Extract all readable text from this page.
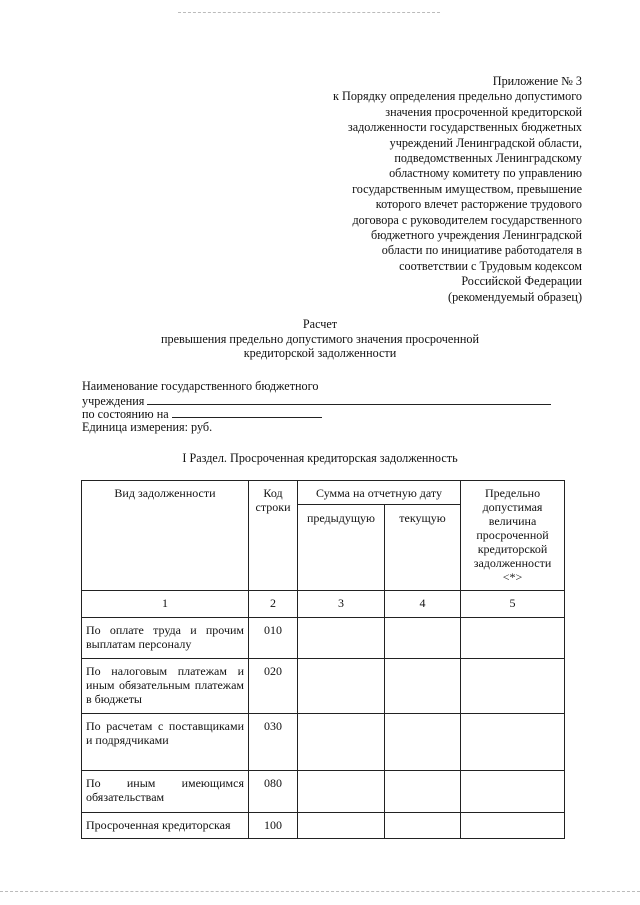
Приложение № 3
к Порядку определения предельно допустимого
значения просроченной кредиторской
задолженности государственных бюджетных
учреждений Ленинградской области,
подведомственных Ленинградскому
областному комитету по управлению
государственным имуществом, превышение
которого влечет расторжение трудового
договора с руководителем государственного
бюджетного учреждения Ленинградской
области по инициативе работодателя в
соответствии с Трудовым кодексом
Российской Федерации
(рекомендуемый образец)
Расчет
превышения предельно допустимого значения просроченной
кредиторской задолженности
Наименование государственного бюджетного
учреждения
по состоянию на
Единица измерения: руб.
I Раздел. Просроченная кредиторская задолженность
Вид задолженности	Код строки	Сумма на отчетную дату		Предельно допустимая величина просроченной кредиторской задолженности <*>
		предыдущую	текущую	
1	2	3	4	5
По оплате труда и прочим выплатам персоналу	010			
По налоговым платежам и иным обязательным платежам в бюджеты	020			
По расчетам с поставщиками и подрядчиками	030			
По иным имеющимся обязательствам	080			
Просроченная кредиторская	100			
